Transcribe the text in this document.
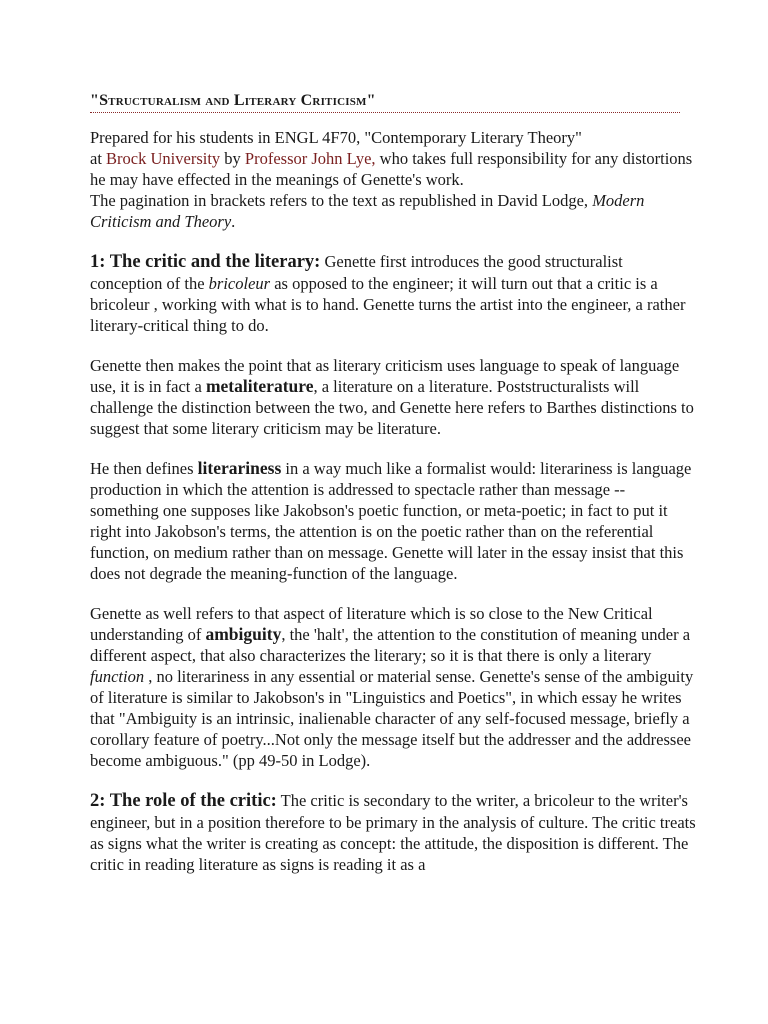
"Structuralism and Literary Criticism"

Prepared for his students in ENGL 4F70, "Contemporary Literary Theory"
at Brock University by Professor John Lye, who takes full responsibility for any distortions he may have effected in the meanings of Genette's work.
The pagination in brackets refers to the text as republished in David Lodge, Modern Criticism and Theory.

1: The critic and the literary: Genette first introduces the good structuralist conception of the bricoleur as opposed to the engineer; it will turn out that a critic is a bricoleur , working with what is to hand. Genette turns the artist into the engineer, a rather literary-critical thing to do.

Genette then makes the point that as literary criticism uses language to speak of language use, it is in fact a metaliterature, a literature on a literature. Poststructuralists will challenge the distinction between the two, and Genette here refers to Barthes distinctions to suggest that some literary criticism may be literature.

He then defines literariness in a way much like a formalist would: literariness is language production in which the attention is addressed to spectacle rather than message -- something one supposes like Jakobson's poetic function, or meta-poetic; in fact to put it right into Jakobson's terms, the attention is on the poetic rather than on the referential function, on medium rather than on message. Genette will later in the essay insist that this does not degrade the meaning-function of the language.

Genette as well refers to that aspect of literature which is so close to the New Critical understanding of ambiguity, the 'halt', the attention to the constitution of meaning under a different aspect, that also characterizes the literary; so it is that there is only a literary function , no literariness in any essential or material sense. Genette's sense of the ambiguity of literature is similar to Jakobson's in "Linguistics and Poetics", in which essay he writes that "Ambiguity is an intrinsic, inalienable character of any self-focused message, briefly a corollary feature of poetry...Not only the message itself but the addresser and the addressee become ambiguous." (pp 49-50 in Lodge).

2: The role of the critic: The critic is secondary to the writer, a bricoleur to the writer's engineer, but in a position therefore to be primary in the analysis of culture. The critic treats as signs what the writer is creating as concept: the attitude, the disposition is different. The critic in reading literature as signs is reading it as a
